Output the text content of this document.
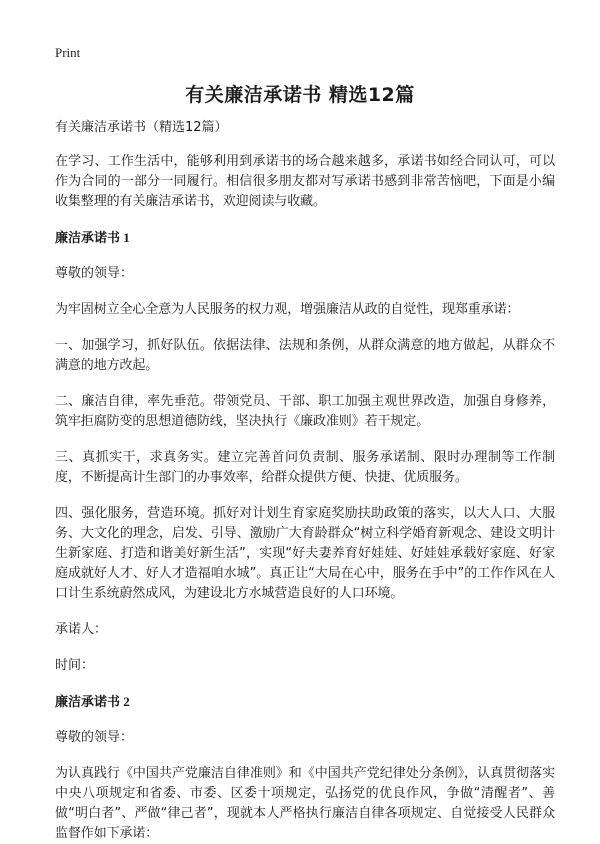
Print
有关廉洁承诺书 精选12篇

有关廉洁承诺书（精选12篇）

在学习、工作生活中，能够利用到承诺书的场合越来越多，承诺书如经合同认可，可以作为合同的一部分一同履行。相信很多朋友都对写承诺书感到非常苦恼吧，下面是小编收集整理的有关廉洁承诺书，欢迎阅读与收藏。

廉洁承诺书 1

尊敬的领导：

为牢固树立全心全意为人民服务的权力观，增强廉洁从政的自觉性，现郑重承诺：

一、加强学习，抓好队伍。依据法律、法规和条例，从群众满意的地方做起，从群众不满意的地方改起。

二、廉洁自律，率先垂范。带领党员、干部、职工加强主观世界改造，加强自身修养，筑牢拒腐防变的思想道德防线，坚决执行《廉政准则》若干规定。

三、真抓实干，求真务实。建立完善首问负责制、服务承诺制、限时办理制等工作制度，不断提高计生部门的办事效率，给群众提供方便、快捷、优质服务。

四、强化服务，营造环境。抓好对计划生育家庭奖励扶助政策的落实，以大人口、大服务、大文化的理念，启发、引导、激励广大育龄群众“树立科学婚育新观念、建设文明计生新家庭、打造和谐美好新生活”，实现“好夫妻养育好娃娃、好娃娃承载好家庭、好家庭成就好人才、好人才造福咱水城”。真正让“大局在心中，服务在手中”的工作作风在人口计生系统蔚然成风，为建设北方水城营造良好的人口环境。

承诺人：

时间：

廉洁承诺书 2

尊敬的领导：

为认真践行《中国共产党廉洁自律准则》和《中国共产党纪律处分条例》，认真贯彻落实中央八项规定和省委、市委、区委十项规定，弘扬党的优良作风，争做“清醒者”、善做“明白者”、严做“律己者”，现就本人严格执行廉洁自律各项规定、自觉接受人民群众监督作如下承诺：
